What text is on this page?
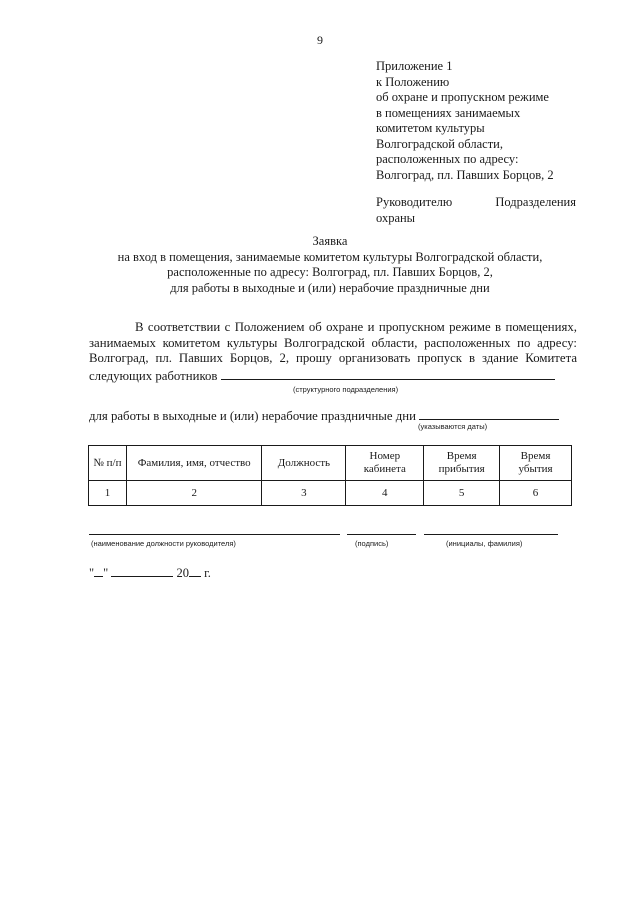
9
Приложение 1
к Положению
об охране и пропускном режиме
в помещениях занимаемых
комитетом культуры
Волгоградской области,
расположенных по адресу:
Волгоград, пл. Павших Борцов, 2
Руководителю	Подразделения
охраны
Заявка
на вход в помещения, занимаемые комитетом культуры Волгоградской области,
расположенные по адресу: Волгоград, пл. Павших Борцов, 2,
для работы в выходные и (или) нерабочие праздничные дни
В соответствии с Положением об охране и пропускном режиме в помещениях,
занимаемых комитетом культуры Волгоградской области, расположенных по адресу:
Волгоград, пл. Павших Борцов, 2, прошу организовать пропуск в здание Комитета
следующих работников
(структурного подразделения)
для работы в выходные и (или) нерабочие праздничные дни
(указываются даты)
№ п/п	Фамилия, имя, отчество	Должность	Номер кабинета	Время прибытия	Время убытия
1	2	3	4	5	6
(наименование должности руководителя)	(подпись)	(инициалы, фамилия)
" "	20 г.
